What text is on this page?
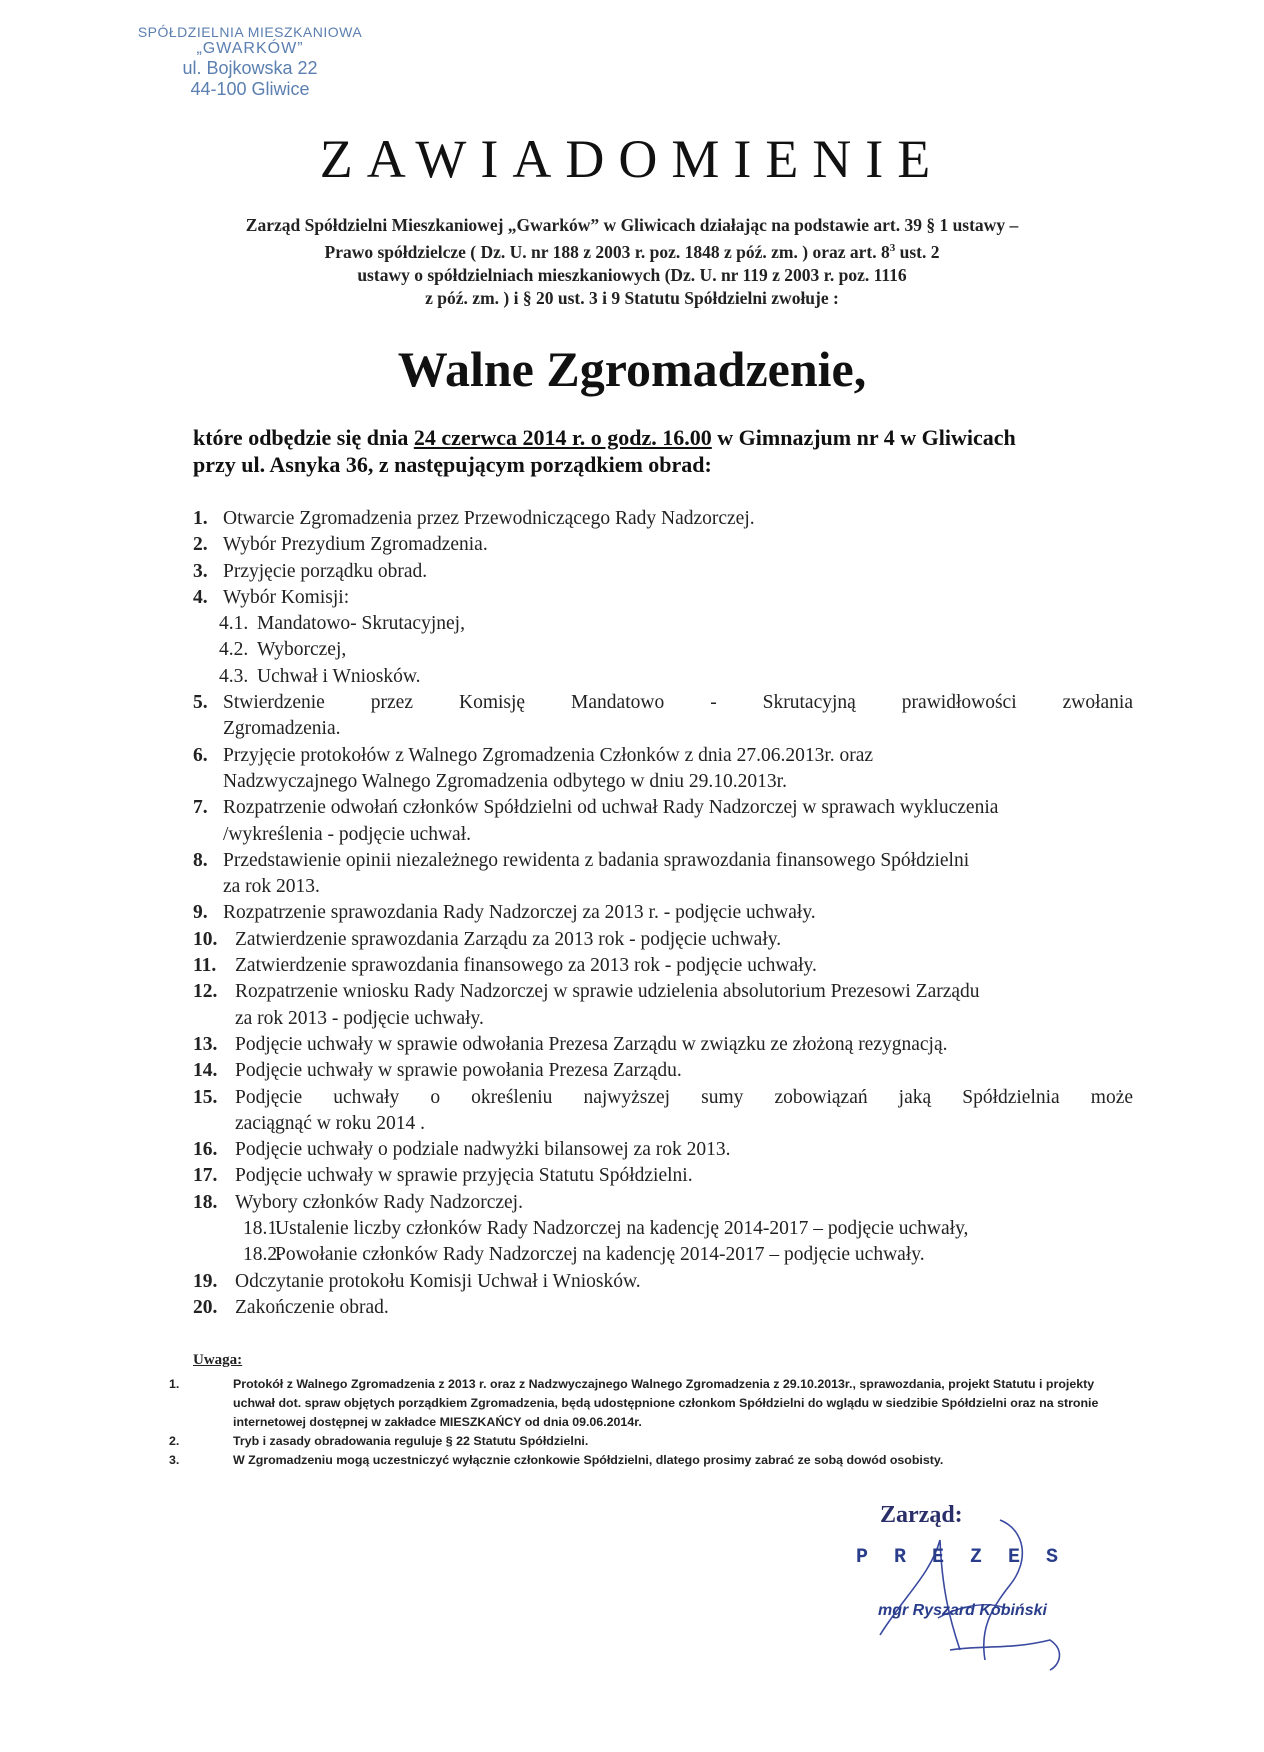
SPÓŁDZIELNIA MIESZKANIOWA
„GWARKÓW”
ul. Bojkowska 22
44-100 Gliwice
ZAWIADOMIENIE
Zarząd Spółdzielni Mieszkaniowej „Gwarków” w Gliwicach działając na podstawie art. 39 § 1 ustawy –
Prawo spółdzielcze ( Dz. U. nr 188 z 2003 r. poz. 1848 z póź. zm. ) oraz art. $8^3$ ust. 2
ustawy o spółdzielniach mieszkaniowych (Dz. U. nr 119 z 2003 r. poz. 1116
z póź. zm. ) i § 20 ust. 3 i 9 Statutu Spółdzielni zwołuje :
Walne Zgromadzenie,
które odbędzie się dnia 24 czerwca 2014 r. o godz. 16.00 w Gimnazjum nr 4 w Gliwicach
przy ul. Asnyka 36, z następującym porządkiem obrad:
1. Otwarcie Zgromadzenia przez Przewodniczącego Rady Nadzorczej.
2. Wybór Prezydium Zgromadzenia.
3. Przyjęcie porządku obrad.
4. Wybór Komisji:
4.1. Mandatowo- Skrutacyjnej,
4.2. Wyborczej,
4.3. Uchwał i Wniosków.
5. Stwierdzenie przez Komisję Mandatowo - Skrutacyjną prawidłowości zwołania
Zgromadzenia.
6. Przyjęcie protokołów z Walnego Zgromadzenia Członków z dnia 27.06.2013r. oraz
Nadzwyczajnego Walnego Zgromadzenia odbytego w dniu 29.10.2013r.
7. Rozpatrzenie odwołań członków Spółdzielni od uchwał Rady Nadzorczej w sprawach wykluczenia
/wykreślenia - podjęcie uchwał.
8. Przedstawienie opinii niezależnego rewidenta z badania sprawozdania finansowego Spółdzielni
za rok 2013.
9. Rozpatrzenie sprawozdania Rady Nadzorczej za 2013 r. - podjęcie uchwały.
10. Zatwierdzenie sprawozdania Zarządu za 2013 rok - podjęcie uchwały.
11. Zatwierdzenie sprawozdania finansowego za 2013 rok - podjęcie uchwały.
12. Rozpatrzenie wniosku Rady Nadzorczej w sprawie udzielenia absolutorium Prezesowi Zarządu
za rok 2013 - podjęcie uchwały.
13. Podjęcie uchwały w sprawie odwołania Prezesa Zarządu w związku ze złożoną rezygnacją.
14. Podjęcie uchwały w sprawie powołania Prezesa Zarządu.
15. Podjęcie uchwały o określeniu najwyższej sumy zobowiązań jaką Spółdzielnia może
zaciągnąć w roku 2014 .
16. Podjęcie uchwały o podziale nadwyżki bilansowej za rok 2013.
17. Podjęcie uchwały w sprawie przyjęcia Statutu Spółdzielni.
18. Wybory członków Rady Nadzorczej.
18.1.
Ustalenie liczby członków Rady Nadzorczej na kadencję 2014-2017 – podjęcie uchwały,
18.2.
Powołanie członków Rady Nadzorczej na kadencję 2014-2017 – podjęcie uchwały.
19. Odczytanie protokołu Komisji Uchwał i Wniosków.
20. Zakończenie obrad.
Uwaga:
1.	Protokół z Walnego Zgromadzenia z 2013 r. oraz z Nadzwyczajnego Walnego Zgromadzenia z 29.10.2013r., sprawozdania, projekt Statutu i projekty uchwał dot. spraw objętych porządkiem Zgromadzenia, będą udostępnione członkom Spółdzielni do wglądu w siedzibie Spółdzielni oraz na stronie internetowej dostępnej w zakładce MIESZKAŃCY od dnia 09.06.2014r.
2.	Tryb i zasady obradowania reguluje § 22 Statutu Spółdzielni.
3.	W Zgromadzeniu mogą uczestniczyć wyłącznie członkowie Spółdzielni, dlatego prosimy zabrać ze sobą dowód osobisty.
Zarząd:
PREZES
mgr Ryszard Kobiński
